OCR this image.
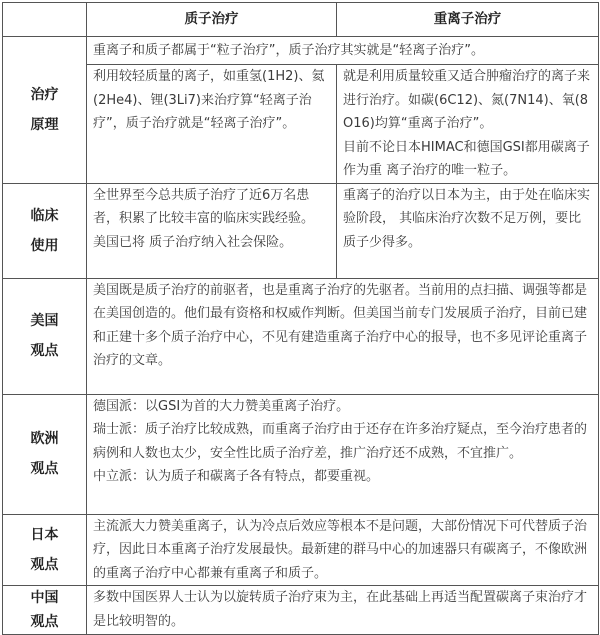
	质子治疗	重离子治疗

治疗
原理	重离子和质子都属于“粒子治疗”，质子治疗其实就是“轻离子治疗”。	

	利用较轻质量的离子，如重氢(1H2)、氦(2He4)、锂(3Li7)来治疗算“轻离子治疗”，质子治疗就是“轻离子治疗”。	就是利用质量较重又适合肿瘤治疗的离子来进行治疗。如碳(6C12)、氮(7N14)、氧(8O16)均算“重离子治疗”。
目前不论日本HIMAC和德国GSI都用碳离子作为重 离子治疗的唯一粒子。

临床
使用	全世界至今总共质子治疗了近6万名患者，积累了比较丰富的临床实践经验。 美国已将 质子治疗纳入社会保险。	重离子的治疗以日本为主，由于处在临床实验阶段， 其临床治疗次数不足万例，要比质子少得多。

美国
观点	美国既是质子治疗的前驱者，也是重离子治疗的先驱者。当前用的点扫描、调强等都是在美国创造的。他们最有资格和权威作判断。但美国当前专门发展质子治疗，目前已建和正建十多个质子治疗中心，不见有建造重离子治疗中心的报导，也不多见评论重离子治疗的文章。	

欧洲
观点	德国派：以GSI为首的大力赞美重离子治疗。
瑞士派：质子治疗比较成熟，而重离子治疗由于还存在许多治疗疑点，至今治疗患者的病例和人数也太少，安全性比质子治疗差，推广治疗还不成熟，不宜推广。
中立派：认为质子和碳离子各有特点，都要重视。	

日本
观点	主流派大力赞美重离子，认为冷点后效应等根本不是问题，大部份情况下可代替质子治疗，因此日本重离子治疗发展最快。最新建的群马中心的加速器只有碳离子，不像欧洲的重离子治疗中心都兼有重离子和质子。	

中国
观点	多数中国医界人士认为以旋转质子治疗束为主，在此基础上再适当配置碳离子束治疗才是比较明智的。	
